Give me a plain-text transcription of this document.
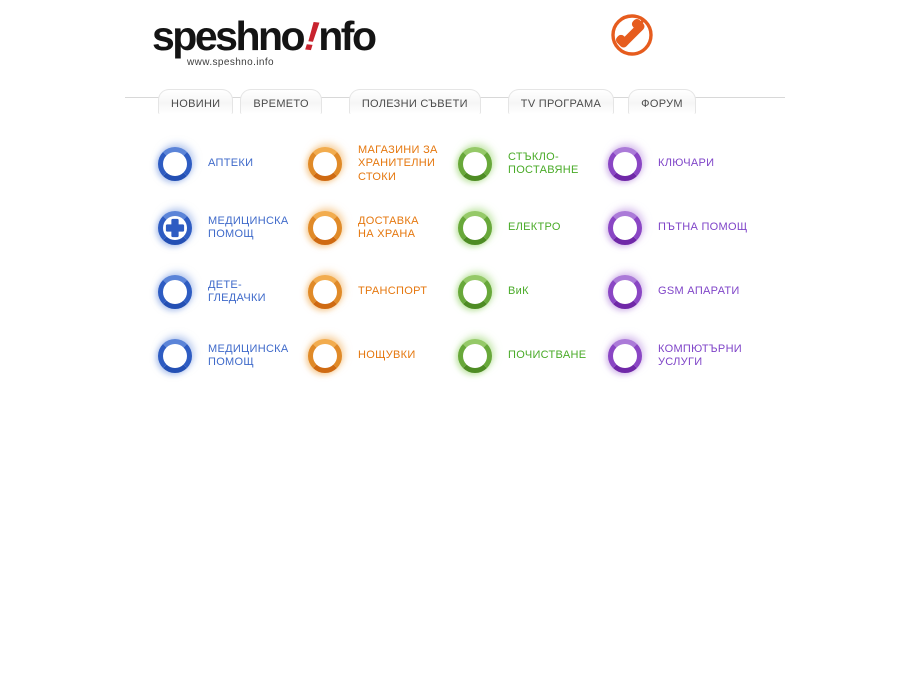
speshno!nfo
www.speshno.info
НОВИНИ	ВРЕМЕТО	ПОЛЕЗНИ СЪВЕТИ	TV ПРОГРАМА	ФОРУМ
АПТЕКИ
МЕДИЦИНСКА
ПОМОЩ
ДЕТЕ-
ГЛЕДАЧКИ
МЕДИЦИНСКА
ПОМОЩ
МАГАЗИНИ ЗА
ХРАНИТЕЛНИ
СТОКИ
ДОСТАВКА
НА ХРАНА
ТРАНСПОРТ
НОЩУВКИ
СТЪКЛО-
ПОСТАВЯНЕ
ЕЛЕКТРО
ВиК
ПОЧИСТВАНЕ
КЛЮЧАРИ
ПЪТНА ПОМОЩ
GSM АПАРАТИ
КОМПЮТЪРНИ
УСЛУГИ
